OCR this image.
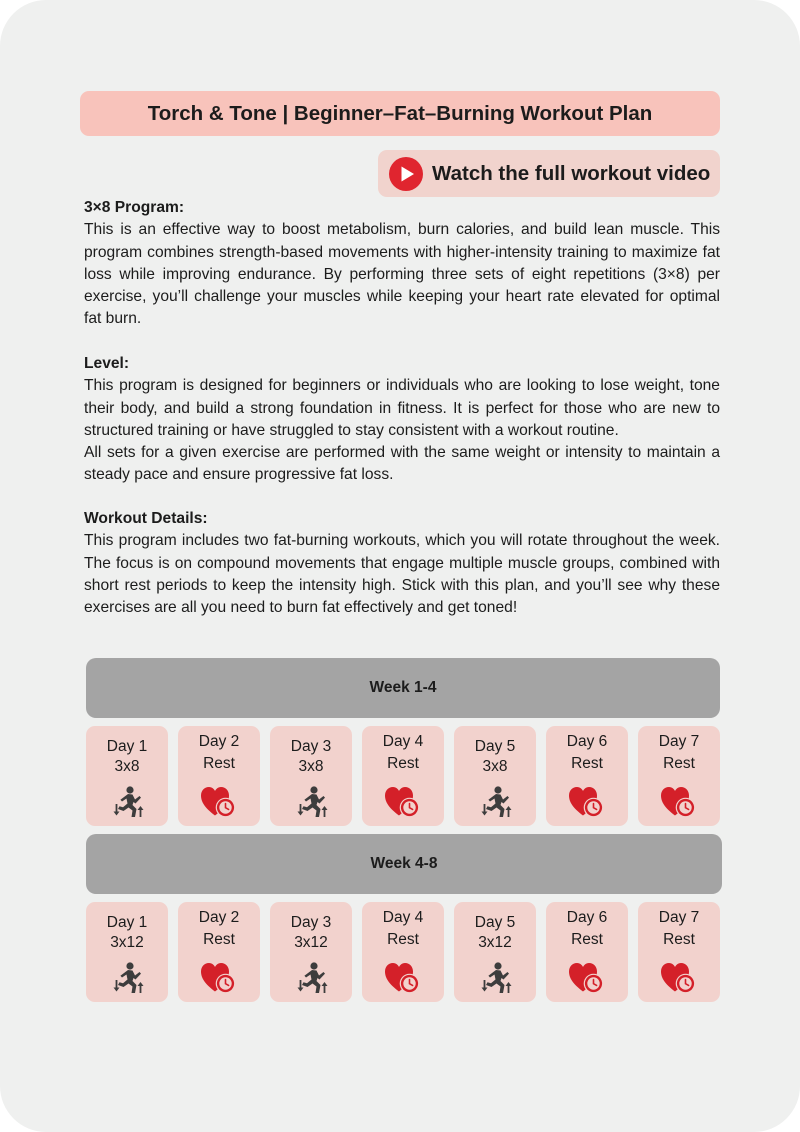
Torch & Tone | Beginner–Fat–Burning Workout Plan
Watch the full workout video

3×8 Program:

This is an effective way to boost metabolism, burn calories, and build lean muscle. This program combines strength-based movements with higher-intensity training to maximize fat loss while improving endurance. By performing three sets of eight repetitions (3×8) per exercise, you’ll challenge your muscles while keeping your heart rate elevated for optimal fat burn.

Level:

This program is designed for beginners or individuals who are looking to lose weight, tone their body, and build a strong foundation in fitness. It is perfect for those who are new to structured training or have struggled to stay consistent with a workout routine.

All sets for a given exercise are performed with the same weight or intensity to maintain a steady pace and ensure progressive fat loss.

Workout Details:

This program includes two fat-burning workouts, which you will rotate throughout the week. The focus is on compound movements that engage multiple muscle groups, combined with short rest periods to keep the intensity high. Stick with this plan, and you’ll see why these exercises are all you need to burn fat effectively and get toned!

Week 1-4
Day 1
3x8
Day 2
Rest
Day 3
3x8
Day 4
Rest
Day 5
3x8
Day 6
Rest
Day 7
Rest
Week 4-8
Day 1
3x12
Day 2
Rest
Day 3
3x12
Day 4
Rest
Day 5
3x12
Day 6
Rest
Day 7
Rest
